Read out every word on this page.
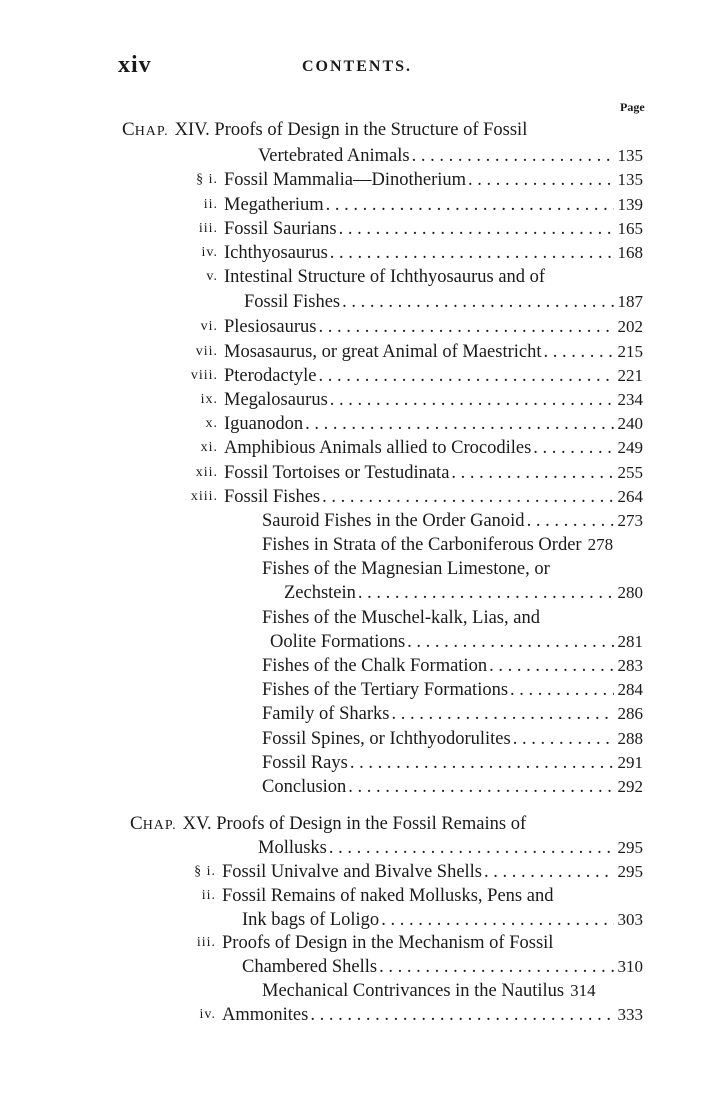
xiv	CONTENTS.
Page
CHAP. XIV. Proofs of Design in the Structure of Fossil
Vertebrated Animals . . .	135
§ i. Fossil Mammalia—Dinotherium . . .	135
ii. Megatherium . . .	139
iii. Fossil Saurians . . .	165
iv. Ichthyosaurus . . .	168
v. Intestinal Structure of Ichthyosaurus and of
Fossil Fishes . . .	187
vi. Plesiosaurus . . .	202
vii. Mosasaurus, or great Animal of Maestricht . . .	215
viii. Pterodactyle . . .	221
ix. Megalosaurus . . .	234
x. Iguanodon . . .	240
xi. Amphibious Animals allied to Crocodiles . . .	249
xii. Fossil Tortoises or Testudinata . . .	255
xiii. Fossil Fishes . . .	264
Sauroid Fishes in the Order Ganoid . . .	273
Fishes in Strata of the Carboniferous Order 278
Fishes of the Magnesian Limestone, or
Zechstein . . .	280
Fishes of the Muschel-kalk, Lias, and
Oolite Formations . . .	281
Fishes of the Chalk Formation . . .	283
Fishes of the Tertiary Formations . . .	284
Family of Sharks . . .	286
Fossil Spines, or Ichthyodorulites . . .	288
Fossil Rays . . .	291
Conclusion . . .	292
CHAP. XV. Proofs of Design in the Fossil Remains of
Mollusks . . .	295
§ i. Fossil Univalve and Bivalve Shells . . .	295
ii. Fossil Remains of naked Mollusks, Pens and
Ink bags of Loligo . . .	303
iii. Proofs of Design in the Mechanism of Fossil
Chambered Shells . . .	310
Mechanical Contrivances in the Nautilus 314
iv. Ammonites . . .	333
